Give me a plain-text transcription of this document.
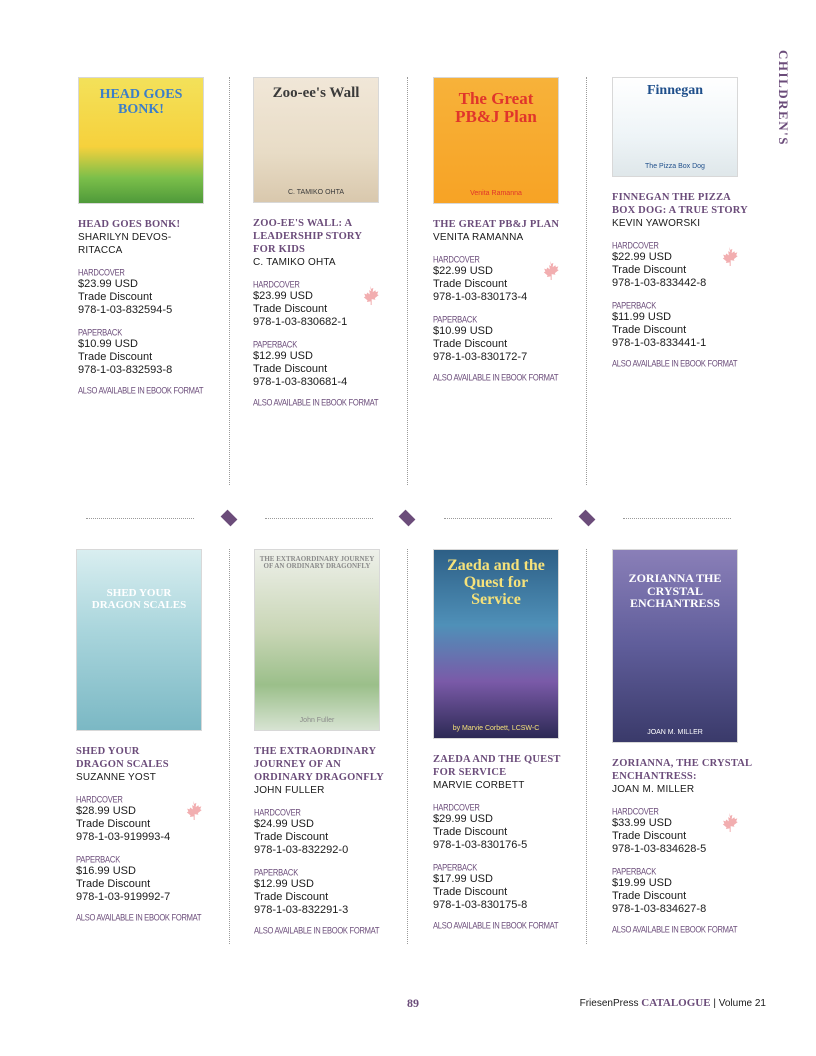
CHILDREN'S
HEAD GOES BONK!
HEAD GOES BONK!
SHARILYN DEVOS-
RITACCA
HARDCOVER
$23.99 USD
Trade Discount
978-1-03-832594-5
PAPERBACK
$10.99 USD
Trade Discount
978-1-03-832593-8
ALSO AVAILABLE IN EBOOK FORMAT
Zoo-ee's Wall
C. TAMIKO OHTA
ZOO-EE'S WALL: A
LEADERSHIP STORY
FOR KIDS
C. TAMIKO OHTA
HARDCOVER
$23.99 USD
Trade Discount
978-1-03-830682-1
PAPERBACK
$12.99 USD
Trade Discount
978-1-03-830681-4
ALSO AVAILABLE IN EBOOK FORMAT
The Great PB&J Plan
Venita Ramanna
THE GREAT PB&J PLAN
VENITA RAMANNA
HARDCOVER
$22.99 USD
Trade Discount
978-1-03-830173-4
PAPERBACK
$10.99 USD
Trade Discount
978-1-03-830172-7
ALSO AVAILABLE IN EBOOK FORMAT
Finnegan
The Pizza Box Dog
FINNEGAN THE PIZZA
BOX DOG: A TRUE STORY
KEVIN YAWORSKI
HARDCOVER
$22.99 USD
Trade Discount
978-1-03-833442-8
PAPERBACK
$11.99 USD
Trade Discount
978-1-03-833441-1
ALSO AVAILABLE IN EBOOK FORMAT
SHED YOUR DRAGON SCALES
SHED YOUR
DRAGON SCALES
SUZANNE YOST
HARDCOVER
$28.99 USD
Trade Discount
978-1-03-919993-4
PAPERBACK
$16.99 USD
Trade Discount
978-1-03-919992-7
ALSO AVAILABLE IN EBOOK FORMAT
THE EXTRAORDINARY JOURNEY OF AN ORDINARY DRAGONFLY
John Fuller
THE EXTRAORDINARY
JOURNEY OF AN
ORDINARY DRAGONFLY
JOHN FULLER
HARDCOVER
$24.99 USD
Trade Discount
978-1-03-832292-0
PAPERBACK
$12.99 USD
Trade Discount
978-1-03-832291-3
ALSO AVAILABLE IN EBOOK FORMAT
Zaeda and the Quest for Service
by Marvie Corbett, LCSW-C
ZAEDA AND THE QUEST
FOR SERVICE
MARVIE CORBETT
HARDCOVER
$29.99 USD
Trade Discount
978-1-03-830176-5
PAPERBACK
$17.99 USD
Trade Discount
978-1-03-830175-8
ALSO AVAILABLE IN EBOOK FORMAT
ZORIANNA THE CRYSTAL ENCHANTRESS
JOAN M. MILLER
ZORIANNA, THE CRYSTAL
ENCHANTRESS:
JOAN M. MILLER
HARDCOVER
$33.99 USD
Trade Discount
978-1-03-834628-5
PAPERBACK
$19.99 USD
Trade Discount
978-1-03-834627-8
ALSO AVAILABLE IN EBOOK FORMAT
89	FriesenPress CATALOGUE | Volume 21
